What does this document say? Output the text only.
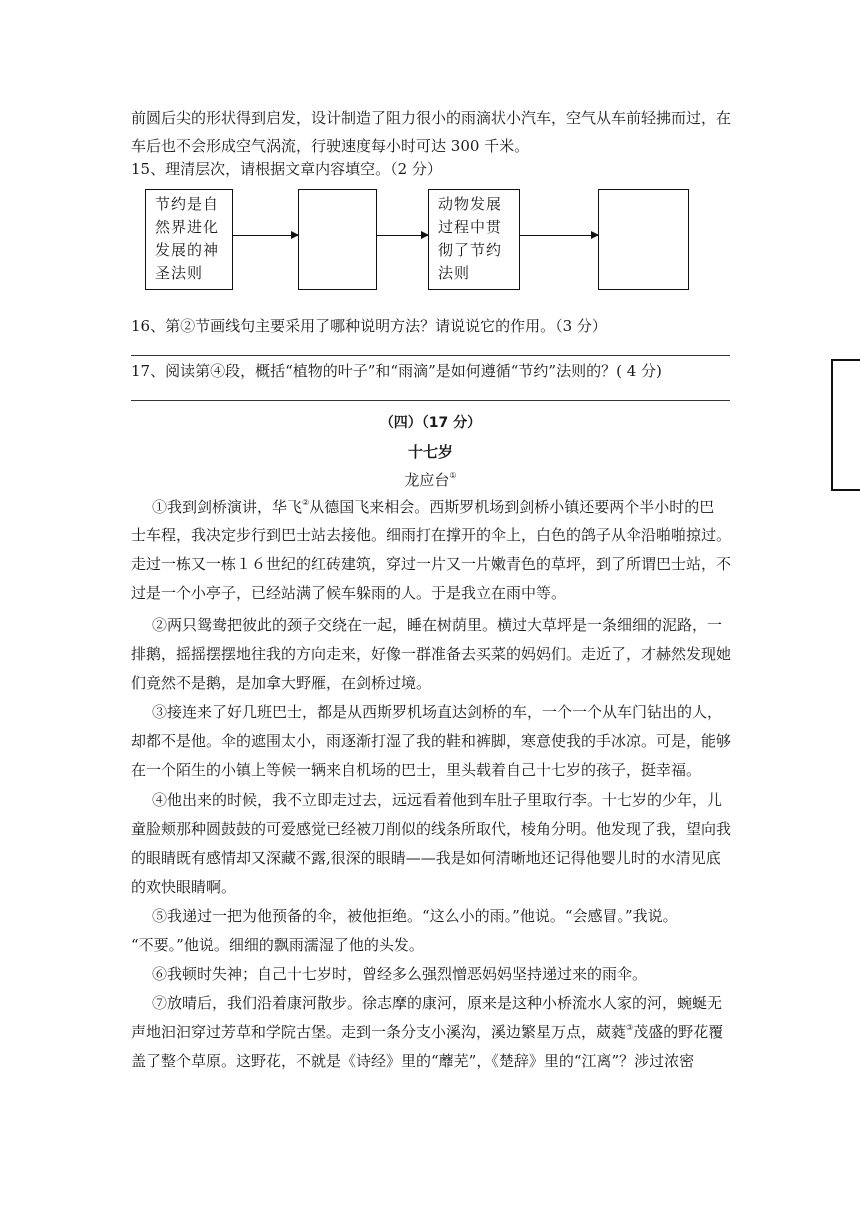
前圆后尖的形状得到启发，设计制造了阻力很小的雨滴状小汽车，空气从车前轻拂而过，在
车后也不会形成空气涡流，行驶速度每小时可达 300 千米。
15、理清层次，请根据文章内容填空。（2 分）
节约是自
然界进化
发展的神
圣法则
动物发展
过程中贯
彻了节约
法则
16、第②节画线句主要采用了哪种说明方法？请说说它的作用。（3 分）
17、阅读第④段，概括“植物的叶子”和“雨滴”是如何遵循“节约”法则的？( 4 分)
（四）（17 分）
十七岁
龙应台①
①我到剑桥演讲，华飞②从德国飞来相会。西斯罗机场到剑桥小镇还要两个半小时的巴
士车程，我决定步行到巴士站去接他。细雨打在撑开的伞上，白色的鸽子从伞沿啪啪掠过。
走过一栋又一栋１６世纪的红砖建筑，穿过一片又一片嫩青色的草坪，到了所谓巴士站，不
过是一个小亭子，已经站满了候车躲雨的人。于是我立在雨中等。
②两只鸳鸯把彼此的颈子交绕在一起，睡在树荫里。横过大草坪是一条细细的泥路，一
排鹅，摇摇摆摆地往我的方向走来，好像一群准备去买菜的妈妈们。走近了，才赫然发现她
们竟然不是鹅，是加拿大野雁，在剑桥过境。
③接连来了好几班巴士，都是从西斯罗机场直达剑桥的车，一个一个从车门钻出的人，
却都不是他。伞的遮围太小，雨逐渐打湿了我的鞋和裤脚，寒意使我的手冰凉。可是，能够
在一个陌生的小镇上等候一辆来自机场的巴士，里头载着自己十七岁的孩子，挺幸福。
④他出来的时候，我不立即走过去，远远看着他到车肚子里取行李。十七岁的少年，儿
童脸颊那种圆鼓鼓的可爱感觉已经被刀削似的线条所取代，棱角分明。他发现了我，望向我
的眼睛既有感情却又深藏不露,很深的眼睛——我是如何清晰地还记得他婴儿时的水清见底
的欢快眼睛啊。
⑤我递过一把为他预备的伞，被他拒绝。“这么小的雨。”他说。“会感冒。”我说。
“不要。”他说。细细的飘雨濡湿了他的头发。
⑥我顿时失神；自己十七岁时，曾经多么强烈憎恶妈妈坚持递过来的雨伞。
⑦放晴后，我们沿着康河散步。徐志摩的康河，原来是这种小桥流水人家的河，蜿蜒无
声地汩汩穿过芳草和学院古堡。走到一条分支小溪沟，溪边繁星万点，葳蕤③茂盛的野花覆
盖了整个草原。这野花，不就是《诗经》里的“蘼芜”，《楚辞》里的“江离”？涉过浓密
